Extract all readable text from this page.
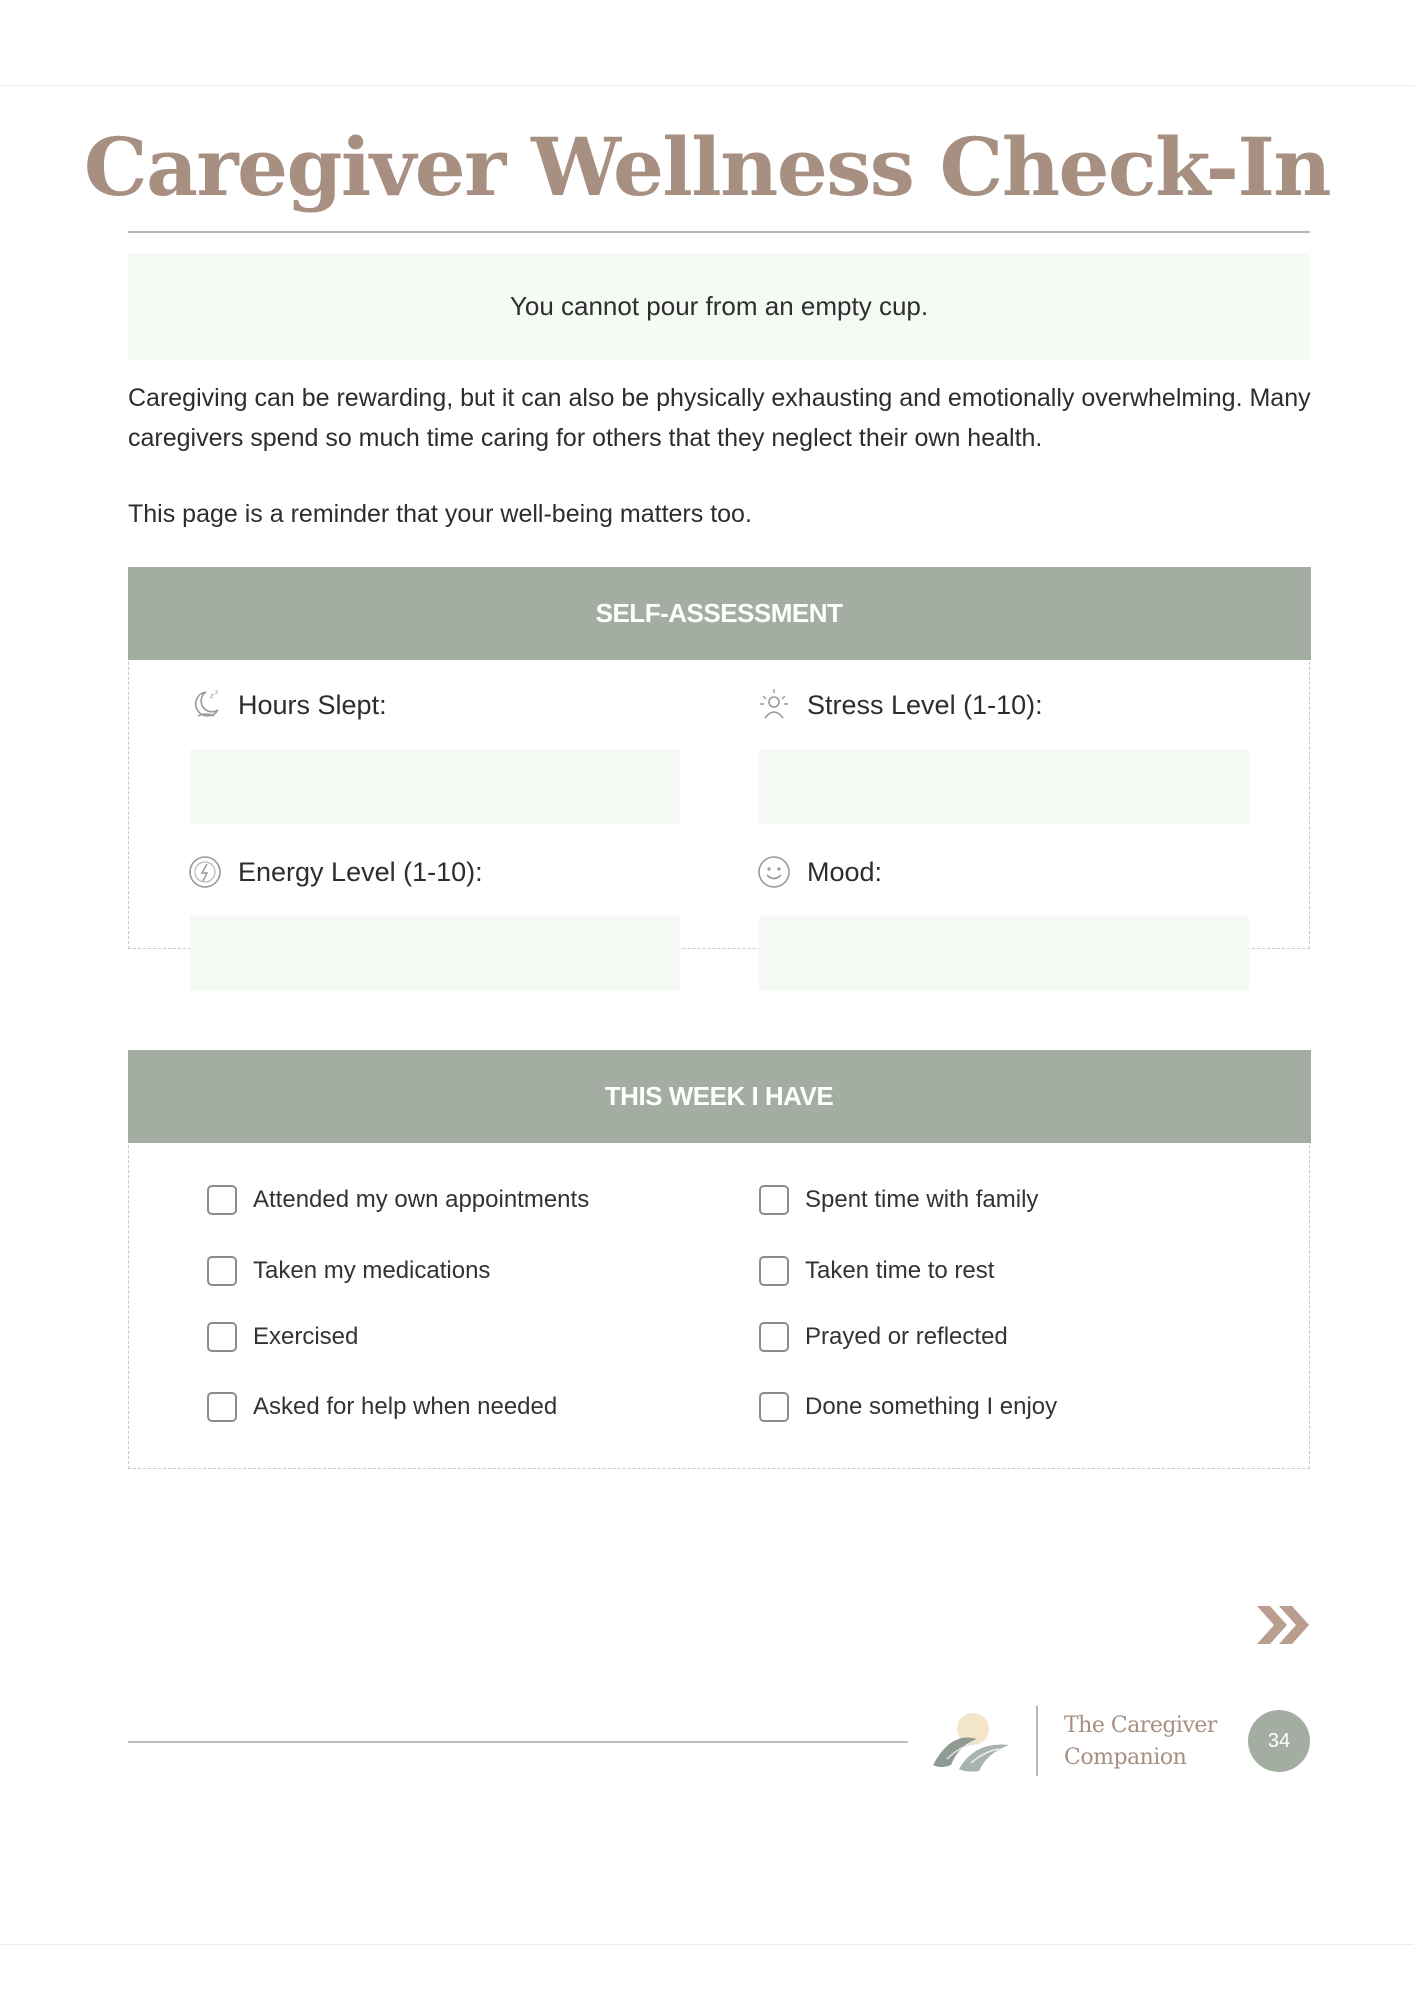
Caregiver Wellness Check-In
You cannot pour from an empty cup.

Caregiving can be rewarding, but it can also be physically exhausting and emotionally overwhelming. Many caregivers spend so much time caring for others that they neglect their own health.

This page is a reminder that your well-being matters too.

SELF-ASSESSMENT
z z Hours Slept:	Stress Level (1-10):
Energy Level (1-10):	Mood:
THIS WEEK I HAVE
Attended my own appointments	Spent time with family
Taken my medications	Taken time to rest
Exercised	Prayed or reflected
Asked for help when needed	Done something I enjoy
The Caregiver
Companion
34
